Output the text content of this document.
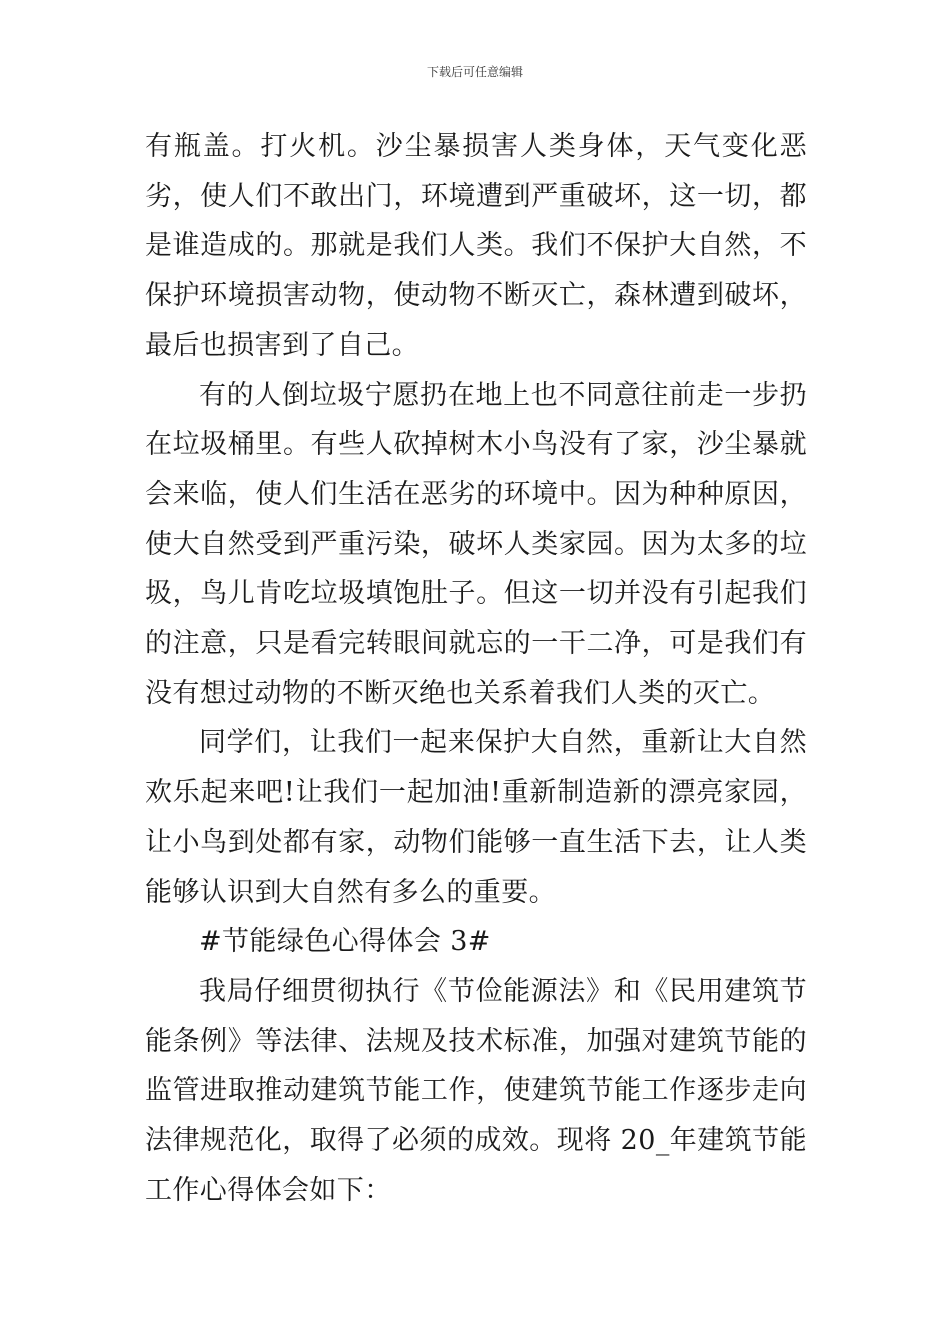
下载后可任意编辑

有瓶盖。打火机。沙尘暴损害人类身体，天气变化恶劣，使人们不敢出门，环境遭到严重破坏，这一切，都是谁造成的。那就是我们人类。我们不保护大自然，不保护环境损害动物，使动物不断灭亡，森林遭到破坏，最后也损害到了自己。

有的人倒垃圾宁愿扔在地上也不同意往前走一步扔在垃圾桶里。有些人砍掉树木小鸟没有了家，沙尘暴就会来临，使人们生活在恶劣的环境中。因为种种原因，使大自然受到严重污染，破坏人类家园。因为太多的垃圾，鸟儿肯吃垃圾填饱肚子。但这一切并没有引起我们的注意，只是看完转眼间就忘的一干二净，可是我们有没有想过动物的不断灭绝也关系着我们人类的灭亡。

同学们，让我们一起来保护大自然，重新让大自然欢乐起来吧!让我们一起加油!重新制造新的漂亮家园，让小鸟到处都有家，动物们能够一直生活下去，让人类能够认识到大自然有多么的重要。

#节能绿色心得体会 3#

我局仔细贯彻执行《节俭能源法》和《民用建筑节能条例》等法律、法规及技术标准，加强对建筑节能的监管进取推动建筑节能工作，使建筑节能工作逐步走向法律规范化，取得了必须的成效。现将 20_年建筑节能工作心得体会如下：
